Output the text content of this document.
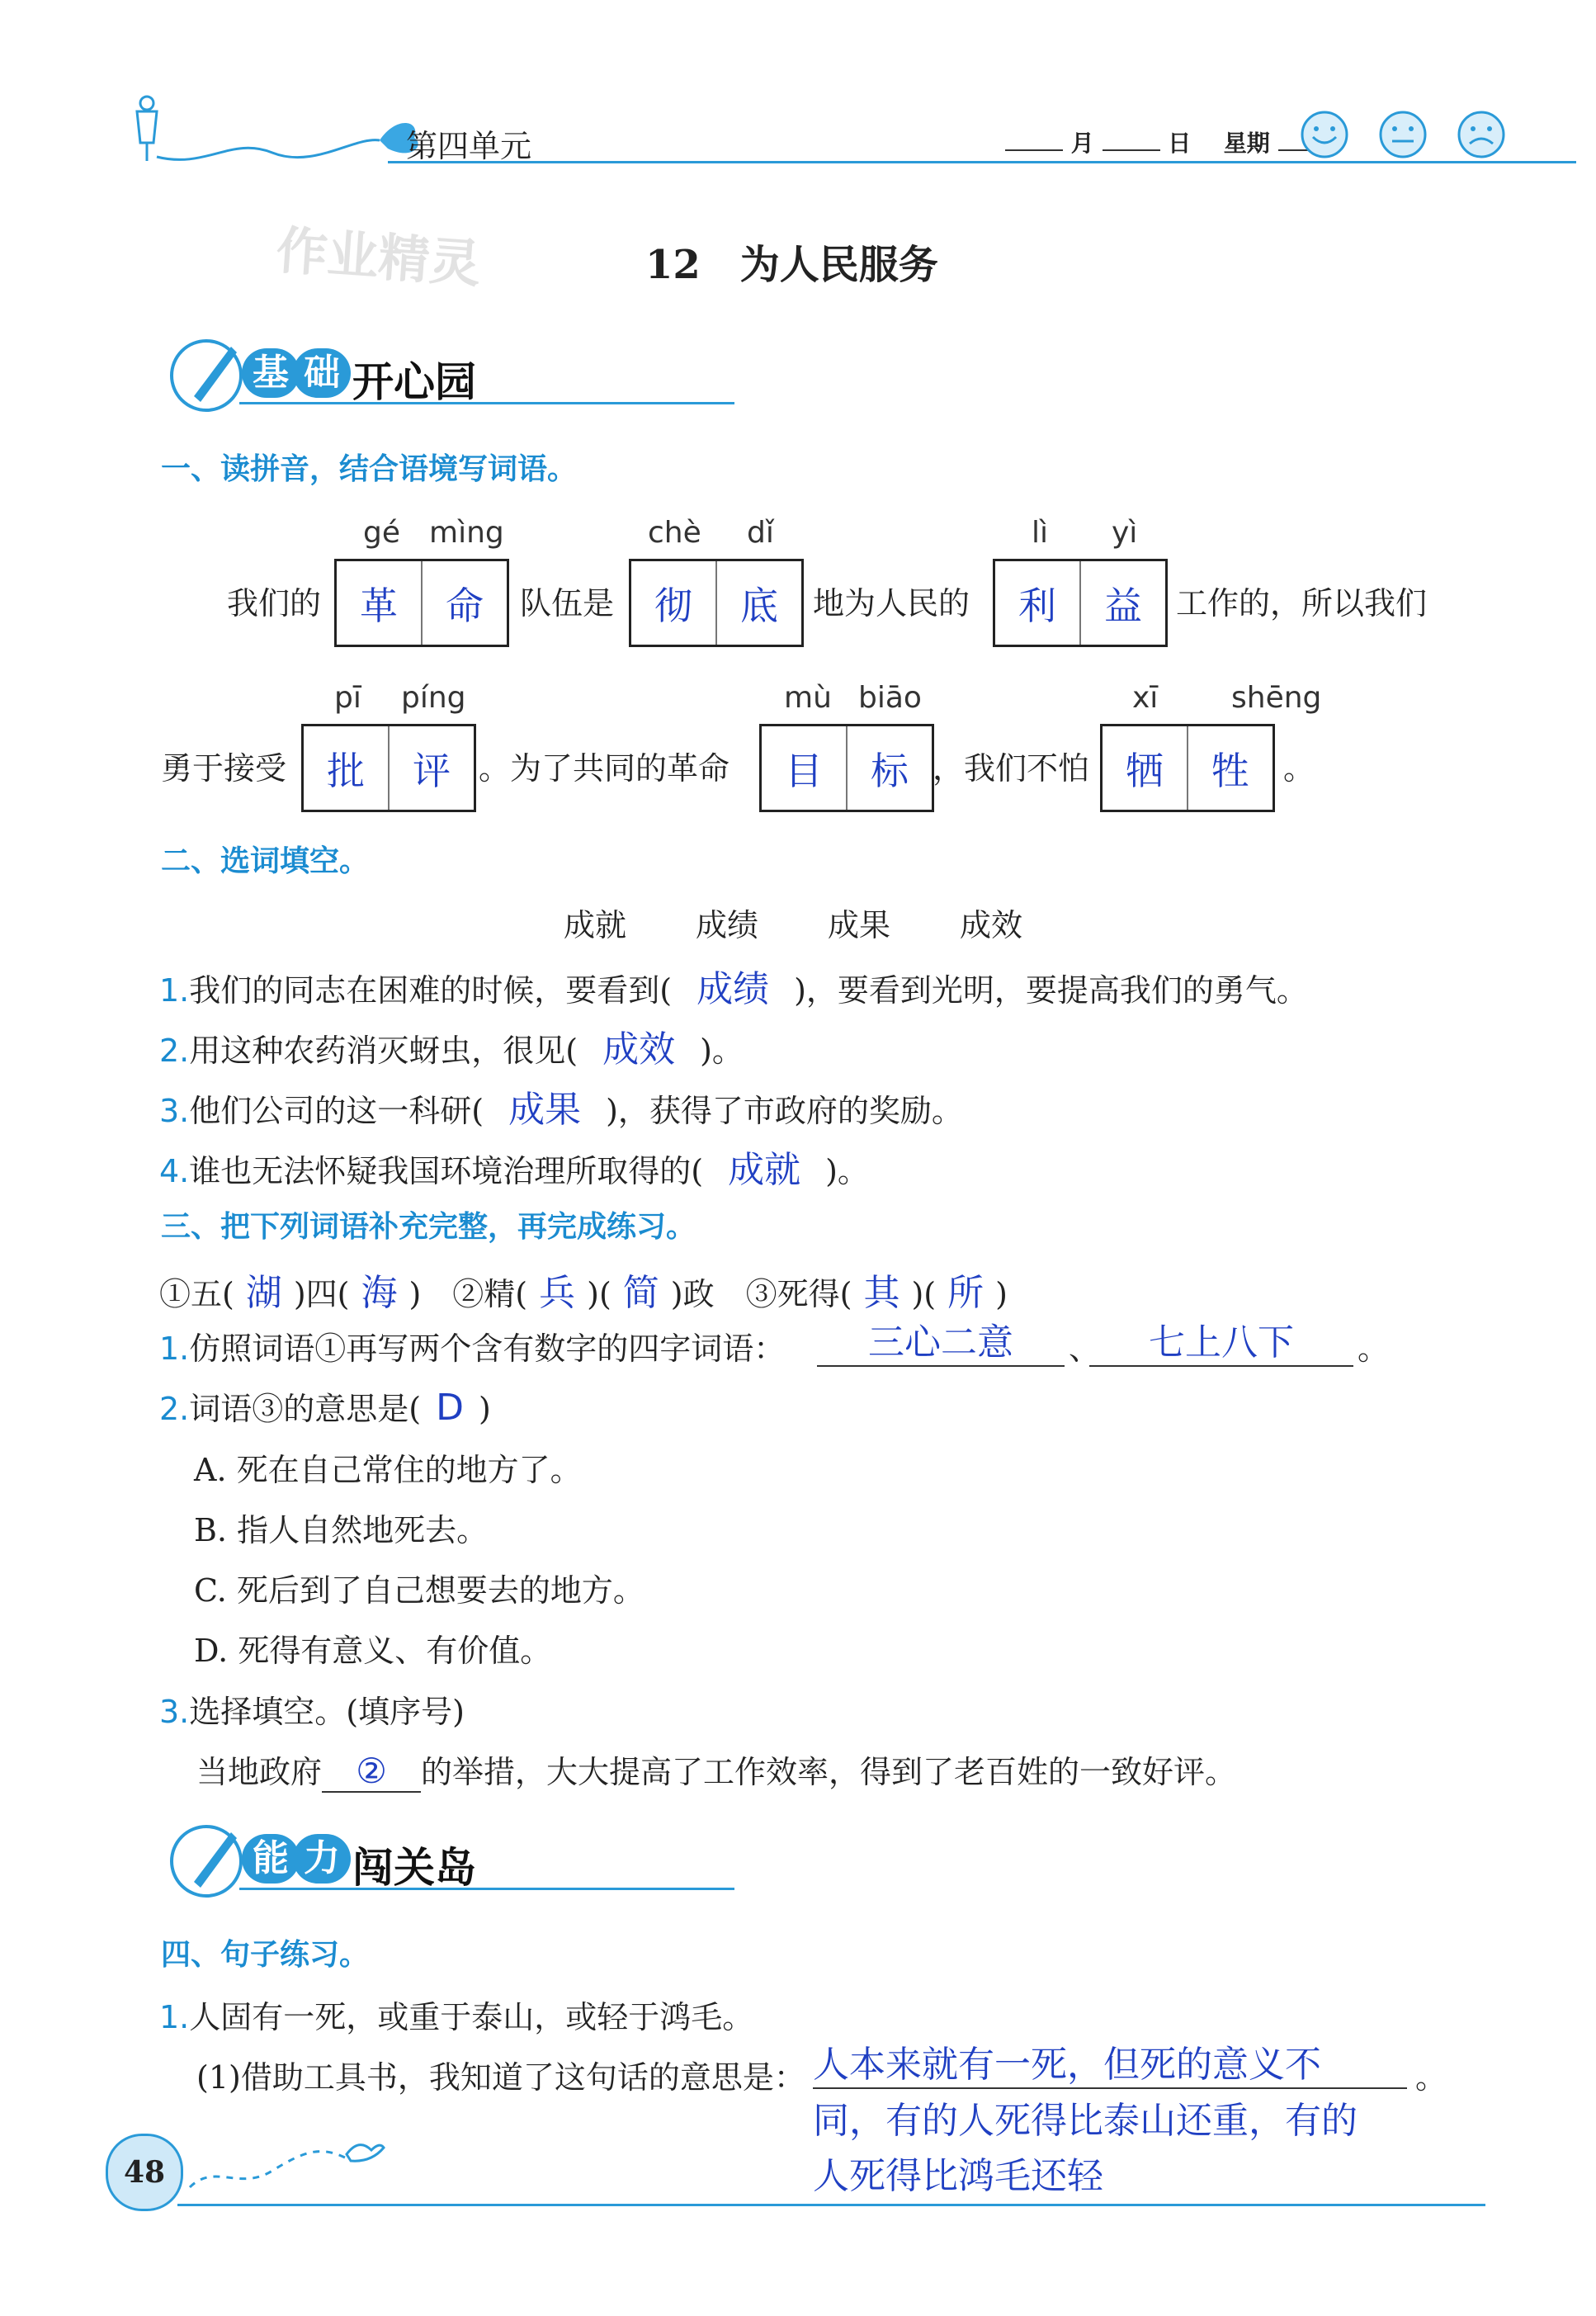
第四单元	月	日 星期
作业精灵	12　为人民服务
基 础 开心园
一、读拼音，结合语境写词语。
gé mìng	chè dǐ	lì yì
我们的	革	命	队伍是	彻	底	地为人民的	利	益	工作的，所以我们
pī píng	mù biāo	xī shēng
勇于接受	批	评 。为了共同的革命	目	标 ，我们不怕 牺	牲	。
二、选词填空。
成就 成绩 成果 成效
1.我们的同志在困难的时候，要看到( 成绩 )，要看到光明，要提高我们的勇气。
2.用这种农药消灭蚜虫，很见( 成效 )。
3.他们公司的这一科研( 成果 )，获得了市政府的奖励。
4.谁也无法怀疑我国环境治理所取得的( 成就 )。
三、把下列词语补充完整，再完成练习。
①五( 湖 )四( 海 )　②精( 兵 )( 简 )政　③死得( 其 )( 所 )
1.仿照词语①再写两个含有数字的四字词语：	三心二意	、	七上八下	。
2.词语③的意思是( D )
A. 死在自己常住的地方了。
B. 指人自然地死去。
C. 死后到了自己想要去的地方。
D. 死得有意义、有价值。
3.选择填空。(填序号)
当地政府 ② 的举措，大大提高了工作效率，得到了老百姓的一致好评。
能 力 闯关岛
四、句子练习。
1.人固有一死，或重于泰山，或轻于鸿毛。
(1)借助工具书，我知道了这句话的意思是： 人本来就有一死，但死的意义不	。
同，有的人死得比泰山还重，有的
人死得比鸿毛还轻
48
